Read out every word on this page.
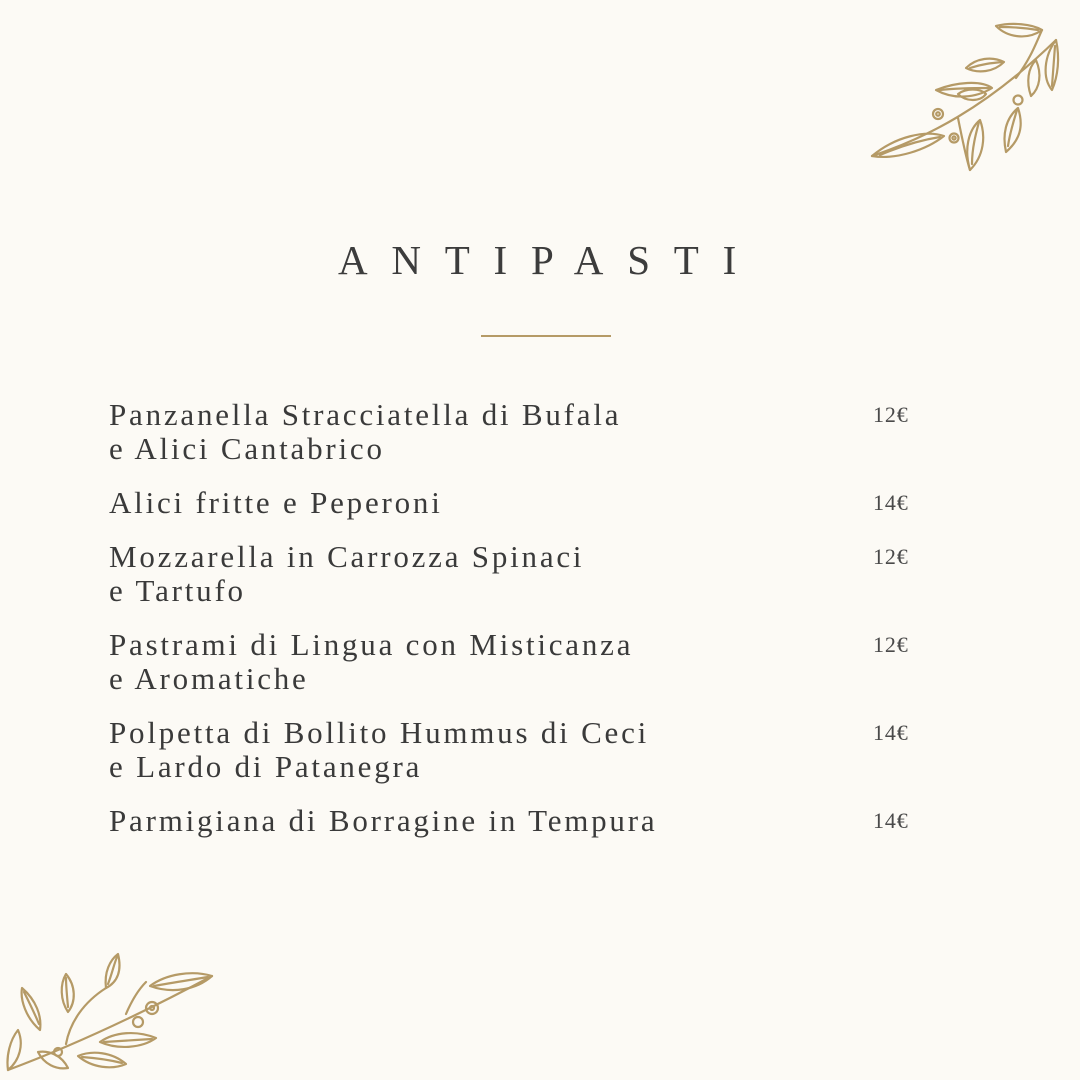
ANTIPASTI
Panzanella Stracciatella di Bufala
e Alici Cantabrico
12€
Alici fritte e Peperoni	14€
Mozzarella in Carrozza Spinaci
e Tartufo
12€
Pastrami di Lingua con Misticanza
e Aromatiche
12€
Polpetta di Bollito Hummus di Ceci
e Lardo di Patanegra
14€
Parmigiana di Borragine in Tempura	14€
